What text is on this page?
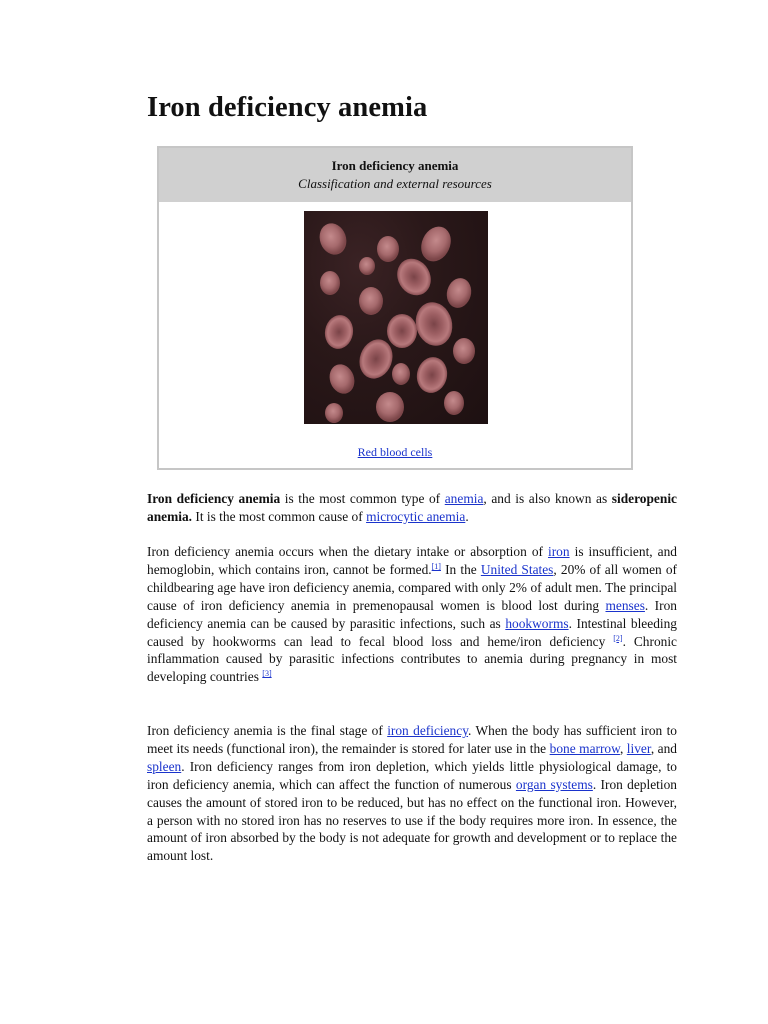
Iron deficiency anemia
Iron deficiency anemia
Classification and external resources
Red blood cells

Iron deficiency anemia is the most common type of anemia, and is also known as sideropenic anemia. It is the most common cause of microcytic anemia.

Iron deficiency anemia occurs when the dietary intake or absorption of iron is insufficient, and hemoglobin, which contains iron, cannot be formed.[1] In the United States, 20% of all women of childbearing age have iron deficiency anemia, compared with only 2% of adult men. The principal cause of iron deficiency anemia in premenopausal women is blood lost during menses. Iron deficiency anemia can be caused by parasitic infections, such as hookworms. Intestinal bleeding caused by hookworms can lead to fecal blood loss and heme/iron deficiency [2]. Chronic inflammation caused by parasitic infections contributes to anemia during pregnancy in most developing countries [3]

Iron deficiency anemia is the final stage of iron deficiency. When the body has sufficient iron to meet its needs (functional iron), the remainder is stored for later use in the bone marrow, liver, and spleen. Iron deficiency ranges from iron depletion, which yields little physiological damage, to iron deficiency anemia, which can affect the function of numerous organ systems. Iron depletion causes the amount of stored iron to be reduced, but has no effect on the functional iron. However, a person with no stored iron has no reserves to use if the body requires more iron. In essence, the amount of iron absorbed by the body is not adequate for growth and development or to replace the amount lost.
